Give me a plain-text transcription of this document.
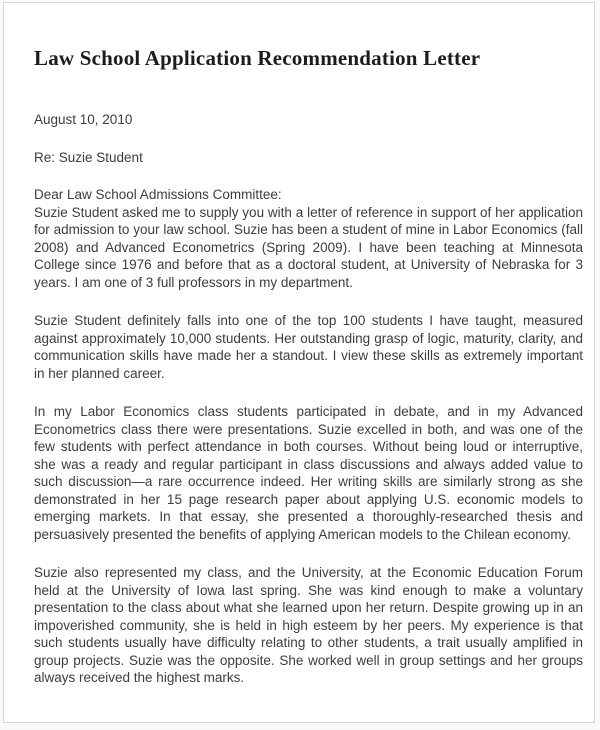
Law School Application Recommendation Letter
August 10, 2010
Re: Suzie Student
Dear Law School Admissions Committee:

Suzie Student asked me to supply you with a letter of reference in support of her application for admission to your law school. Suzie has been a student of mine in Labor Economics (fall 2008) and Advanced Econometrics (Spring 2009). I have been teaching at Minnesota College since 1976 and before that as a doctoral student, at University of Nebraska for 3 years. I am one of 3 full professors in my department.

Suzie Student definitely falls into one of the top 100 students I have taught, measured against approximately 10,000 students. Her outstanding grasp of logic, maturity, clarity, and communication skills have made her a standout. I view these skills as extremely important in her planned career.

In my Labor Economics class students participated in debate, and in my Advanced Econometrics class there were presentations. Suzie excelled in both, and was one of the few students with perfect attendance in both courses. Without being loud or interruptive, she was a ready and regular participant in class discussions and always added value to such discussion—a rare occurrence indeed. Her writing skills are similarly strong as she demonstrated in her 15 page research paper about applying U.S. economic models to emerging markets. In that essay, she presented a thoroughly-researched thesis and persuasively presented the benefits of applying American models to the Chilean economy.

Suzie also represented my class, and the University, at the Economic Education Forum held at the University of Iowa last spring. She was kind enough to make a voluntary presentation to the class about what she learned upon her return. Despite growing up in an impoverished community, she is held in high esteem by her peers. My experience is that such students usually have difficulty relating to other students, a trait usually amplified in group projects. Suzie was the opposite. She worked well in group settings and her groups always received the highest marks.
